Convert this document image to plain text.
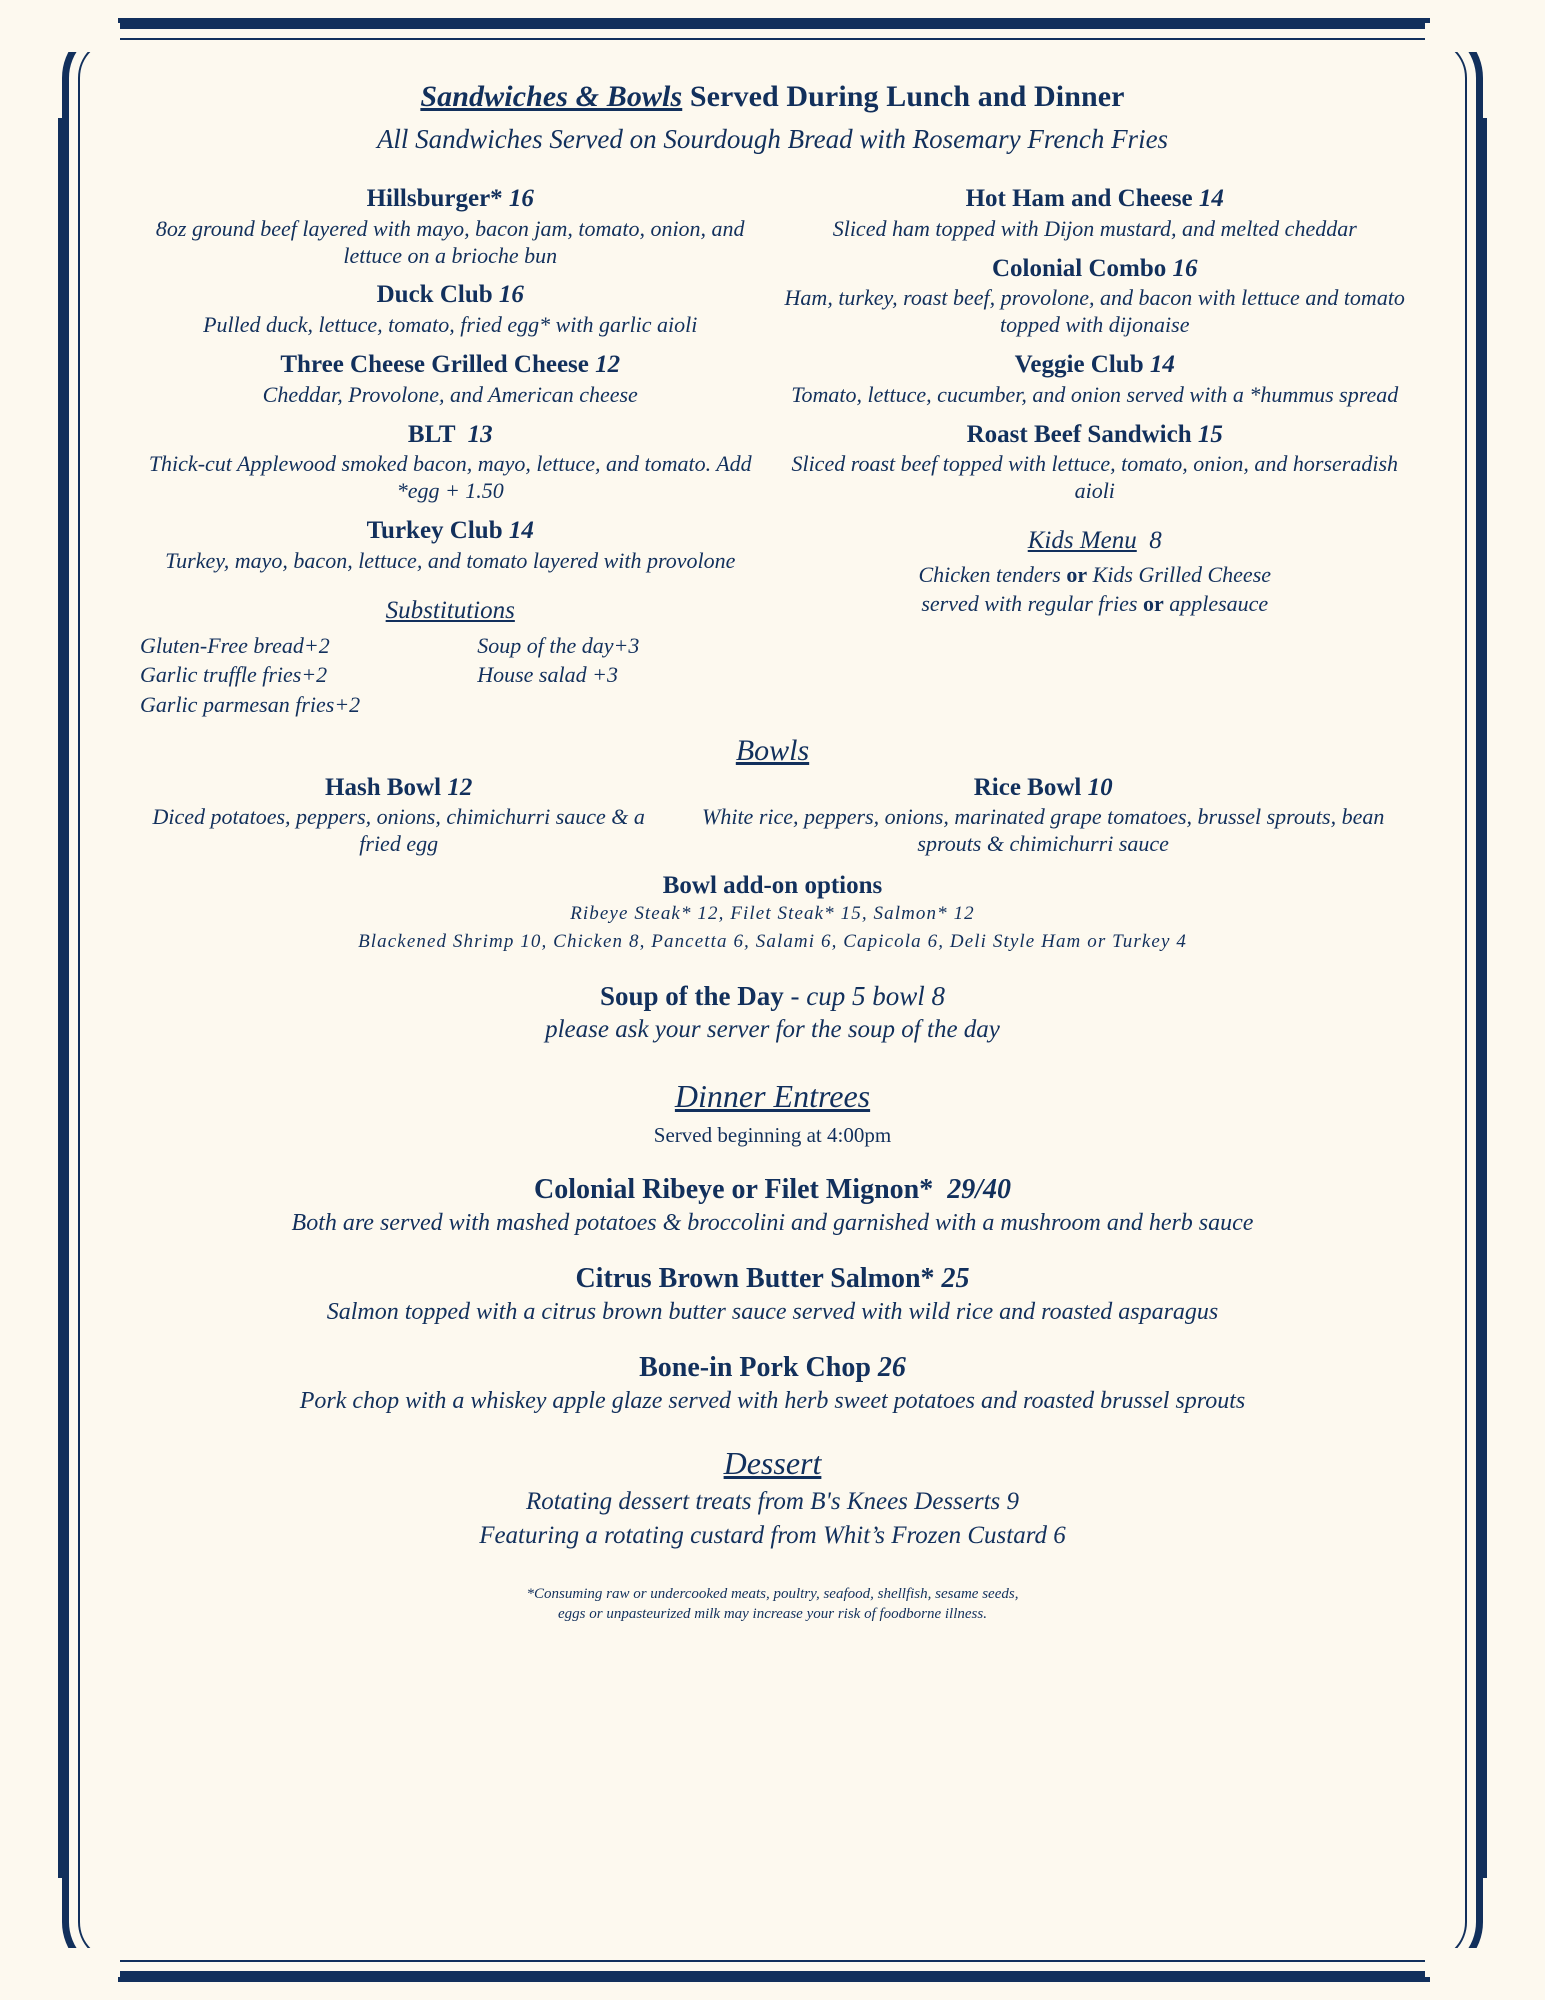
Sandwiches & Bowls Served During Lunch and Dinner
All Sandwiches Served on Sourdough Bread with Rosemary French Fries
Hillsburger* 16
8oz ground beef layered with mayo, bacon jam, tomato, onion, and lettuce on a brioche bun
Duck Club 16
Pulled duck, lettuce, tomato, fried egg* with garlic aioli
Three Cheese Grilled Cheese 12
Cheddar, Provolone, and American cheese
BLT 13
Thick-cut Applewood smoked bacon, mayo, lettuce, and tomato. Add *egg + 1.50
Turkey Club 14
Turkey, mayo, bacon, lettuce, and tomato layered with provolone
Substitutions
Gluten-Free bread+2
Garlic truffle fries+2
Garlic parmesan fries+2
Soup of the day+3
House salad +3
Hot Ham and Cheese 14
Sliced ham topped with Dijon mustard, and melted cheddar
Colonial Combo 16
Ham, turkey, roast beef, provolone, and bacon with lettuce and tomato topped with dijonaise
Veggie Club 14
Tomato, lettuce, cucumber, and onion served with a *hummus spread
Roast Beef Sandwich 15
Sliced roast beef topped with lettuce, tomato, onion, and horseradish aioli
Kids Menu 8
Chicken tenders or Kids Grilled Cheese
served with regular fries or applesauce
Bowls
Hash Bowl 12
Diced potatoes, peppers, onions, chimichurri sauce & a fried egg
Rice Bowl 10
White rice, peppers, onions, marinated grape tomatoes, brussel sprouts, bean sprouts & chimichurri sauce
Bowl add-on options
Ribeye Steak* 12, Filet Steak* 15, Salmon* 12
Blackened Shrimp 10, Chicken 8, Pancetta 6, Salami 6, Capicola 6, Deli Style Ham or Turkey 4
Soup of the Day - cup 5 bowl 8
please ask your server for the soup of the day
Dinner Entrees
Served beginning at 4:00pm
Colonial Ribeye or Filet Mignon* 29/40
Both are served with mashed potatoes & broccolini and garnished with a mushroom and herb sauce
Citrus Brown Butter Salmon* 25
Salmon topped with a citrus brown butter sauce served with wild rice and roasted asparagus
Bone-in Pork Chop 26
Pork chop with a whiskey apple glaze served with herb sweet potatoes and roasted brussel sprouts
Dessert
Rotating dessert treats from B's Knees Desserts 9
Featuring a rotating custard from Whit’s Frozen Custard 6
*Consuming raw or undercooked meats, poultry, seafood, shellfish, sesame seeds,
eggs or unpasteurized milk may increase your risk of foodborne illness.
